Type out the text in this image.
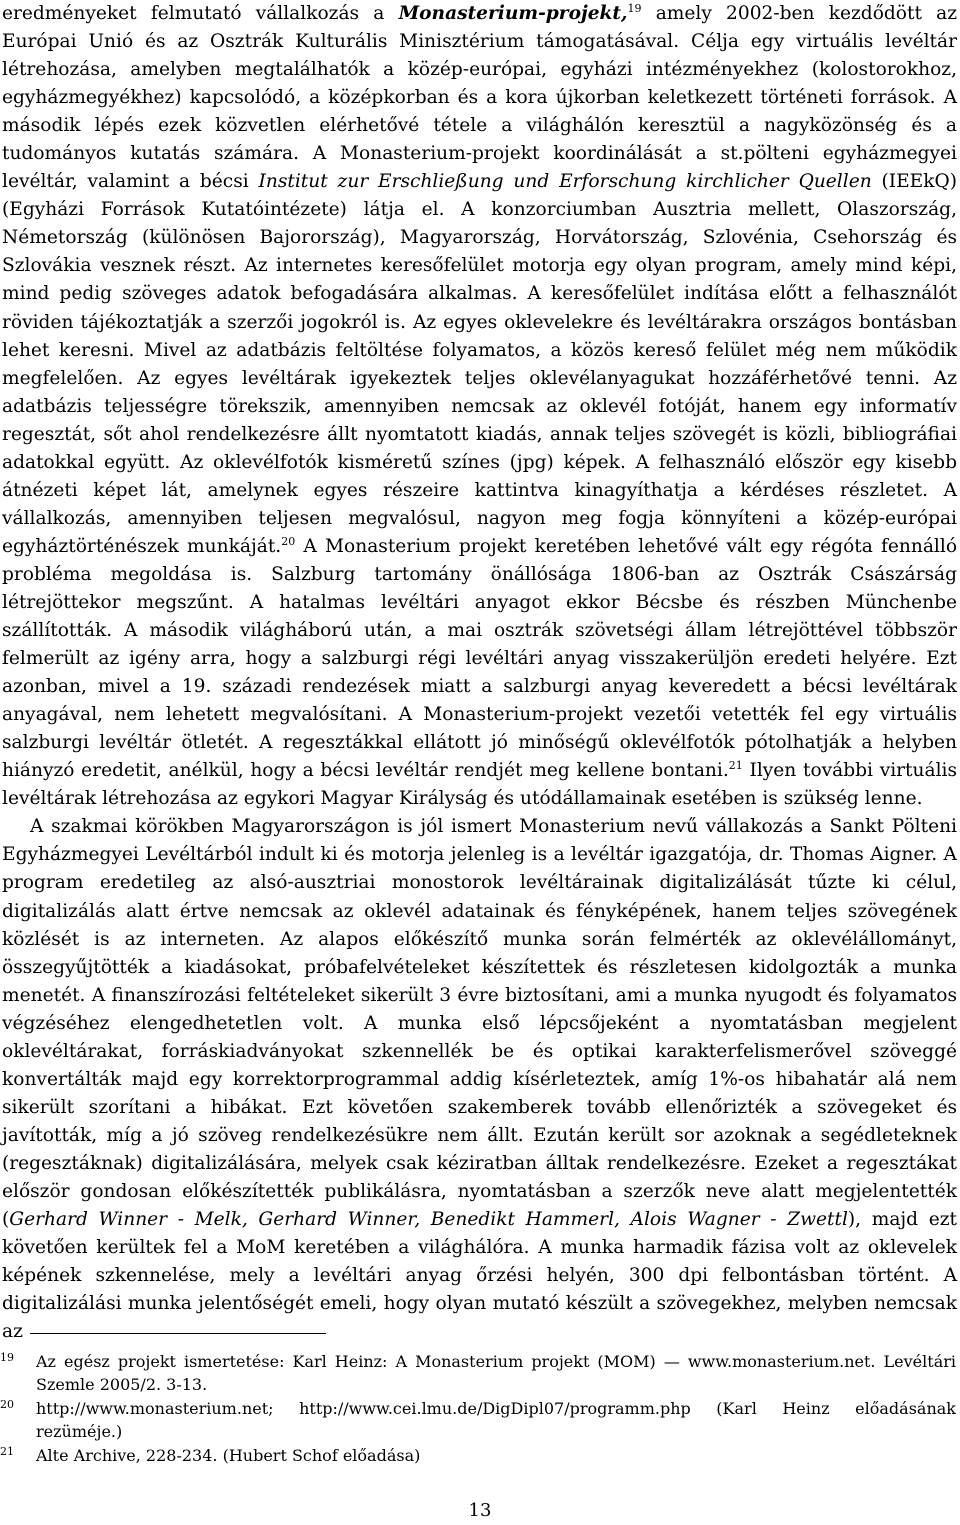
eredményeket felmutató vállalkozás a Monasterium-projekt,$^{19}$ amely 2002-ben kezdődött az Európai Unió és az Osztrák Kulturális Minisztérium támogatásával. Célja egy virtuális levéltár létrehozása, amelyben megtalálhatók a közép-európai, egyházi intézményekhez (kolostorokhoz, egyházmegyékhez) kapcsolódó, a középkorban és a kora újkorban keletkezett történeti források. A második lépés ezek közvetlen elérhetővé tétele a világhálón keresztül a nagyközönség és a tudományos kutatás számára. A Monasterium-projekt koordinálását a st.pölteni egyházmegyei levéltár, valamint a bécsi Institut zur Erschließung und Erforschung kirchlicher Quellen (IEEkQ) (Egyházi Források Kutatóintézete) látja el. A konzorciumban Ausztria mellett, Olaszország, Németország (különösen Bajorország), Magyarország, Horvátország, Szlovénia, Csehország és Szlovákia vesznek részt. Az internetes keresőfelület motorja egy olyan program, amely mind képi, mind pedig szöveges adatok befogadására alkalmas. A keresőfelület indítása előtt a felhasználót röviden tájékoztatják a szerzői jogokról is. Az egyes oklevelekre és levéltárakra országos bontásban lehet keresni. Mivel az adatbázis feltöltése folyamatos, a közös kereső felület még nem működik megfelelően. Az egyes levéltárak igyekeztek teljes oklevélanyagukat hozzáférhetővé tenni. Az adatbázis teljességre törekszik, amennyiben nemcsak az oklevél fotóját, hanem egy informatív regesztát, sőt ahol rendelkezésre állt nyomtatott kiadás, annak teljes szövegét is közli, bibliográfiai adatokkal együtt. Az oklevélfotók kisméretű színes (jpg) képek. A felhasználó először egy kisebb átnézeti képet lát, amelynek egyes részeire kattintva kinagyíthatja a kérdéses részletet. A vállalkozás, amennyiben teljesen megvalósul, nagyon meg fogja könnyíteni a közép-európai egyháztörténészek munkáját.$^{20}$ A Monasterium projekt keretében lehetővé vált egy régóta fennálló probléma megoldása is. Salzburg tartomány önállósága 1806-ban az Osztrák Császárság létrejöttekor megszűnt. A hatalmas levéltári anyagot ekkor Bécsbe és részben Münchenbe szállították. A második világháború után, a mai osztrák szövetségi állam létrejöttével többször felmerült az igény arra, hogy a salzburgi régi levéltári anyag visszakerüljön eredeti helyére. Ezt azonban, mivel a 19. századi rendezések miatt a salzburgi anyag keveredett a bécsi levéltárak anyagával, nem lehetett megvalósítani. A Monasterium-projekt vezetői vetették fel egy virtuális salzburgi levéltár ötletét. A regesztákkal ellátott jó minőségű oklevélfotók pótolhatják a helyben hiányzó eredetit, anélkül, hogy a bécsi levéltár rendjét meg kellene bontani.$^{21}$ Ilyen további virtuális levéltárak létrehozása az egykori Magyar Királyság és utódállamainak esetében is szükség lenne.

A szakmai körökben Magyarországon is jól ismert Monasterium nevű vállakozás a Sankt Pölteni Egyházmegyei Levéltárból indult ki és motorja jelenleg is a levéltár igazgatója, dr. Thomas Aigner. A program eredetileg az alsó-ausztriai monostorok levéltárainak digitalizálását tűzte ki célul, digitalizálás alatt értve nemcsak az oklevél adatainak és fényképének, hanem teljes szövegének közlését is az interneten. Az alapos előkészítő munka során felmérték az oklevélállományt, összegyűjtötték a kiadásokat, próbafelvételeket készítettek és részletesen kidolgozták a munka menetét. A finanszírozási feltételeket sikerült 3 évre biztosítani, ami a munka nyugodt és folyamatos végzéséhez elengedhetetlen volt. A munka első lépcsőjeként a nyomtatásban megjelent oklevéltárakat, forráskiadványokat szkennellék be és optikai karakterfelismerővel szöveggé konvertálták majd egy korrektorprogrammal addig kísérleteztek, amíg 1%-os hibahatár alá nem sikerült szorítani a hibákat. Ezt követően szakemberek tovább ellenőrizték a szövegeket és javították, míg a jó szöveg rendelkezésükre nem állt. Ezután került sor azoknak a segédleteknek (regesztáknak) digitalizálására, melyek csak kéziratban álltak rendelkezésre. Ezeket a regesztákat először gondosan előkészítették publikálásra, nyomtatásban a szerzők neve alatt megjelentették (Gerhard Winner - Melk, Gerhard Winner, Benedikt Hammerl, Alois Wagner - Zwettl), majd ezt követően kerültek fel a MoM keretében a világhálóra. A munka harmadik fázisa volt az oklevelek képének szkennelése, mely a levéltári anyag őrzési helyén, 300 dpi felbontásban történt. A digitalizálási munka jelentőségét emeli, hogy olyan mutató készült a szövegekhez, melyben nemcsak az

19 Az egész projekt ismertetése: Karl Heinz: A Monasterium projekt (MOM) — www.monasterium.net. Levéltári Szemle 2005/2. 3-13.
20 http://www.monasterium.net; http://www.cei.lmu.de/DigDipl07/programm.php (Karl Heinz előadásának rezüméje.)
21 Alte Archive, 228-234. (Hubert Schof előadása)
13
